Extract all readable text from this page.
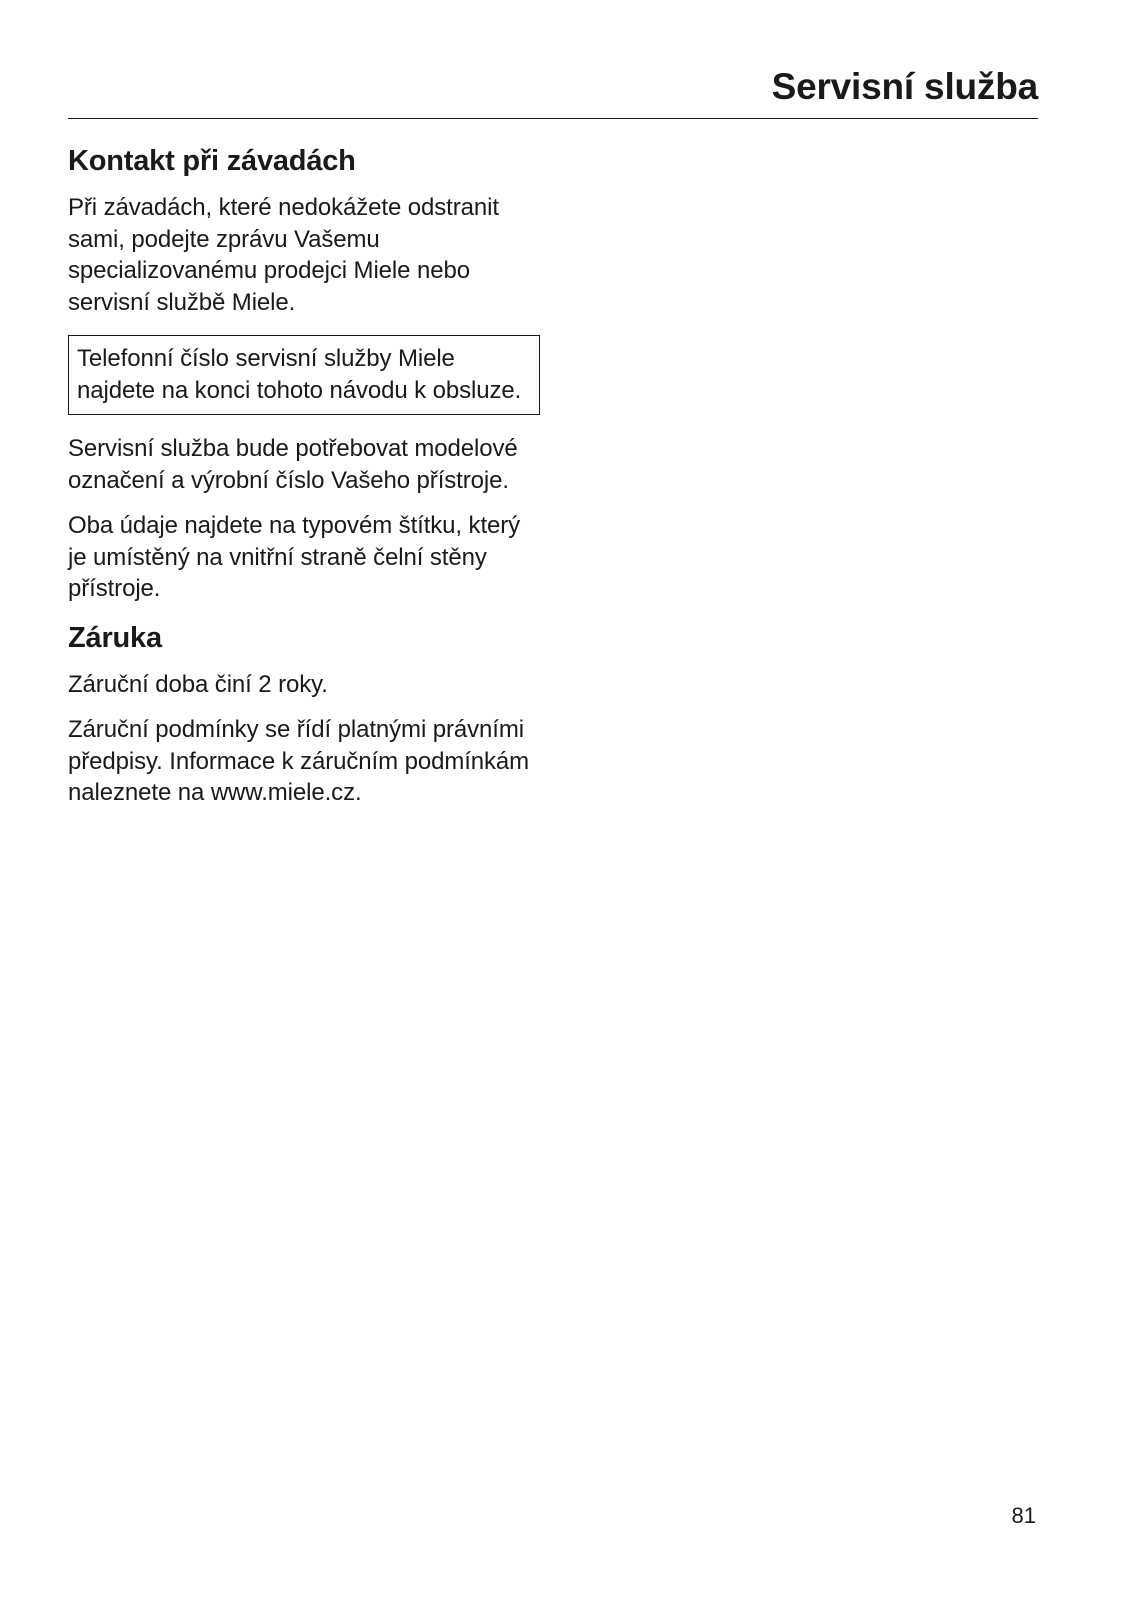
Servisní služba
Kontakt při závadách

Při závadách, které nedokážete odstranit sami, podejte zprávu Vašemu specializovanému prodejci Miele nebo servisní službě Miele.

Telefonní číslo servisní služby Miele najdete na konci tohoto návodu k obsluze.

Servisní služba bude potřebovat modelové označení a výrobní číslo Vašeho přístroje.

Oba údaje najdete na typovém štítku, který je umístěný na vnitřní straně čelní stěny přístroje.

Záruka

Záruční doba činí 2 roky.

Záruční podmínky se řídí platnými právními předpisy. Informace k záručním podmínkám naleznete na www.miele.cz.

81
